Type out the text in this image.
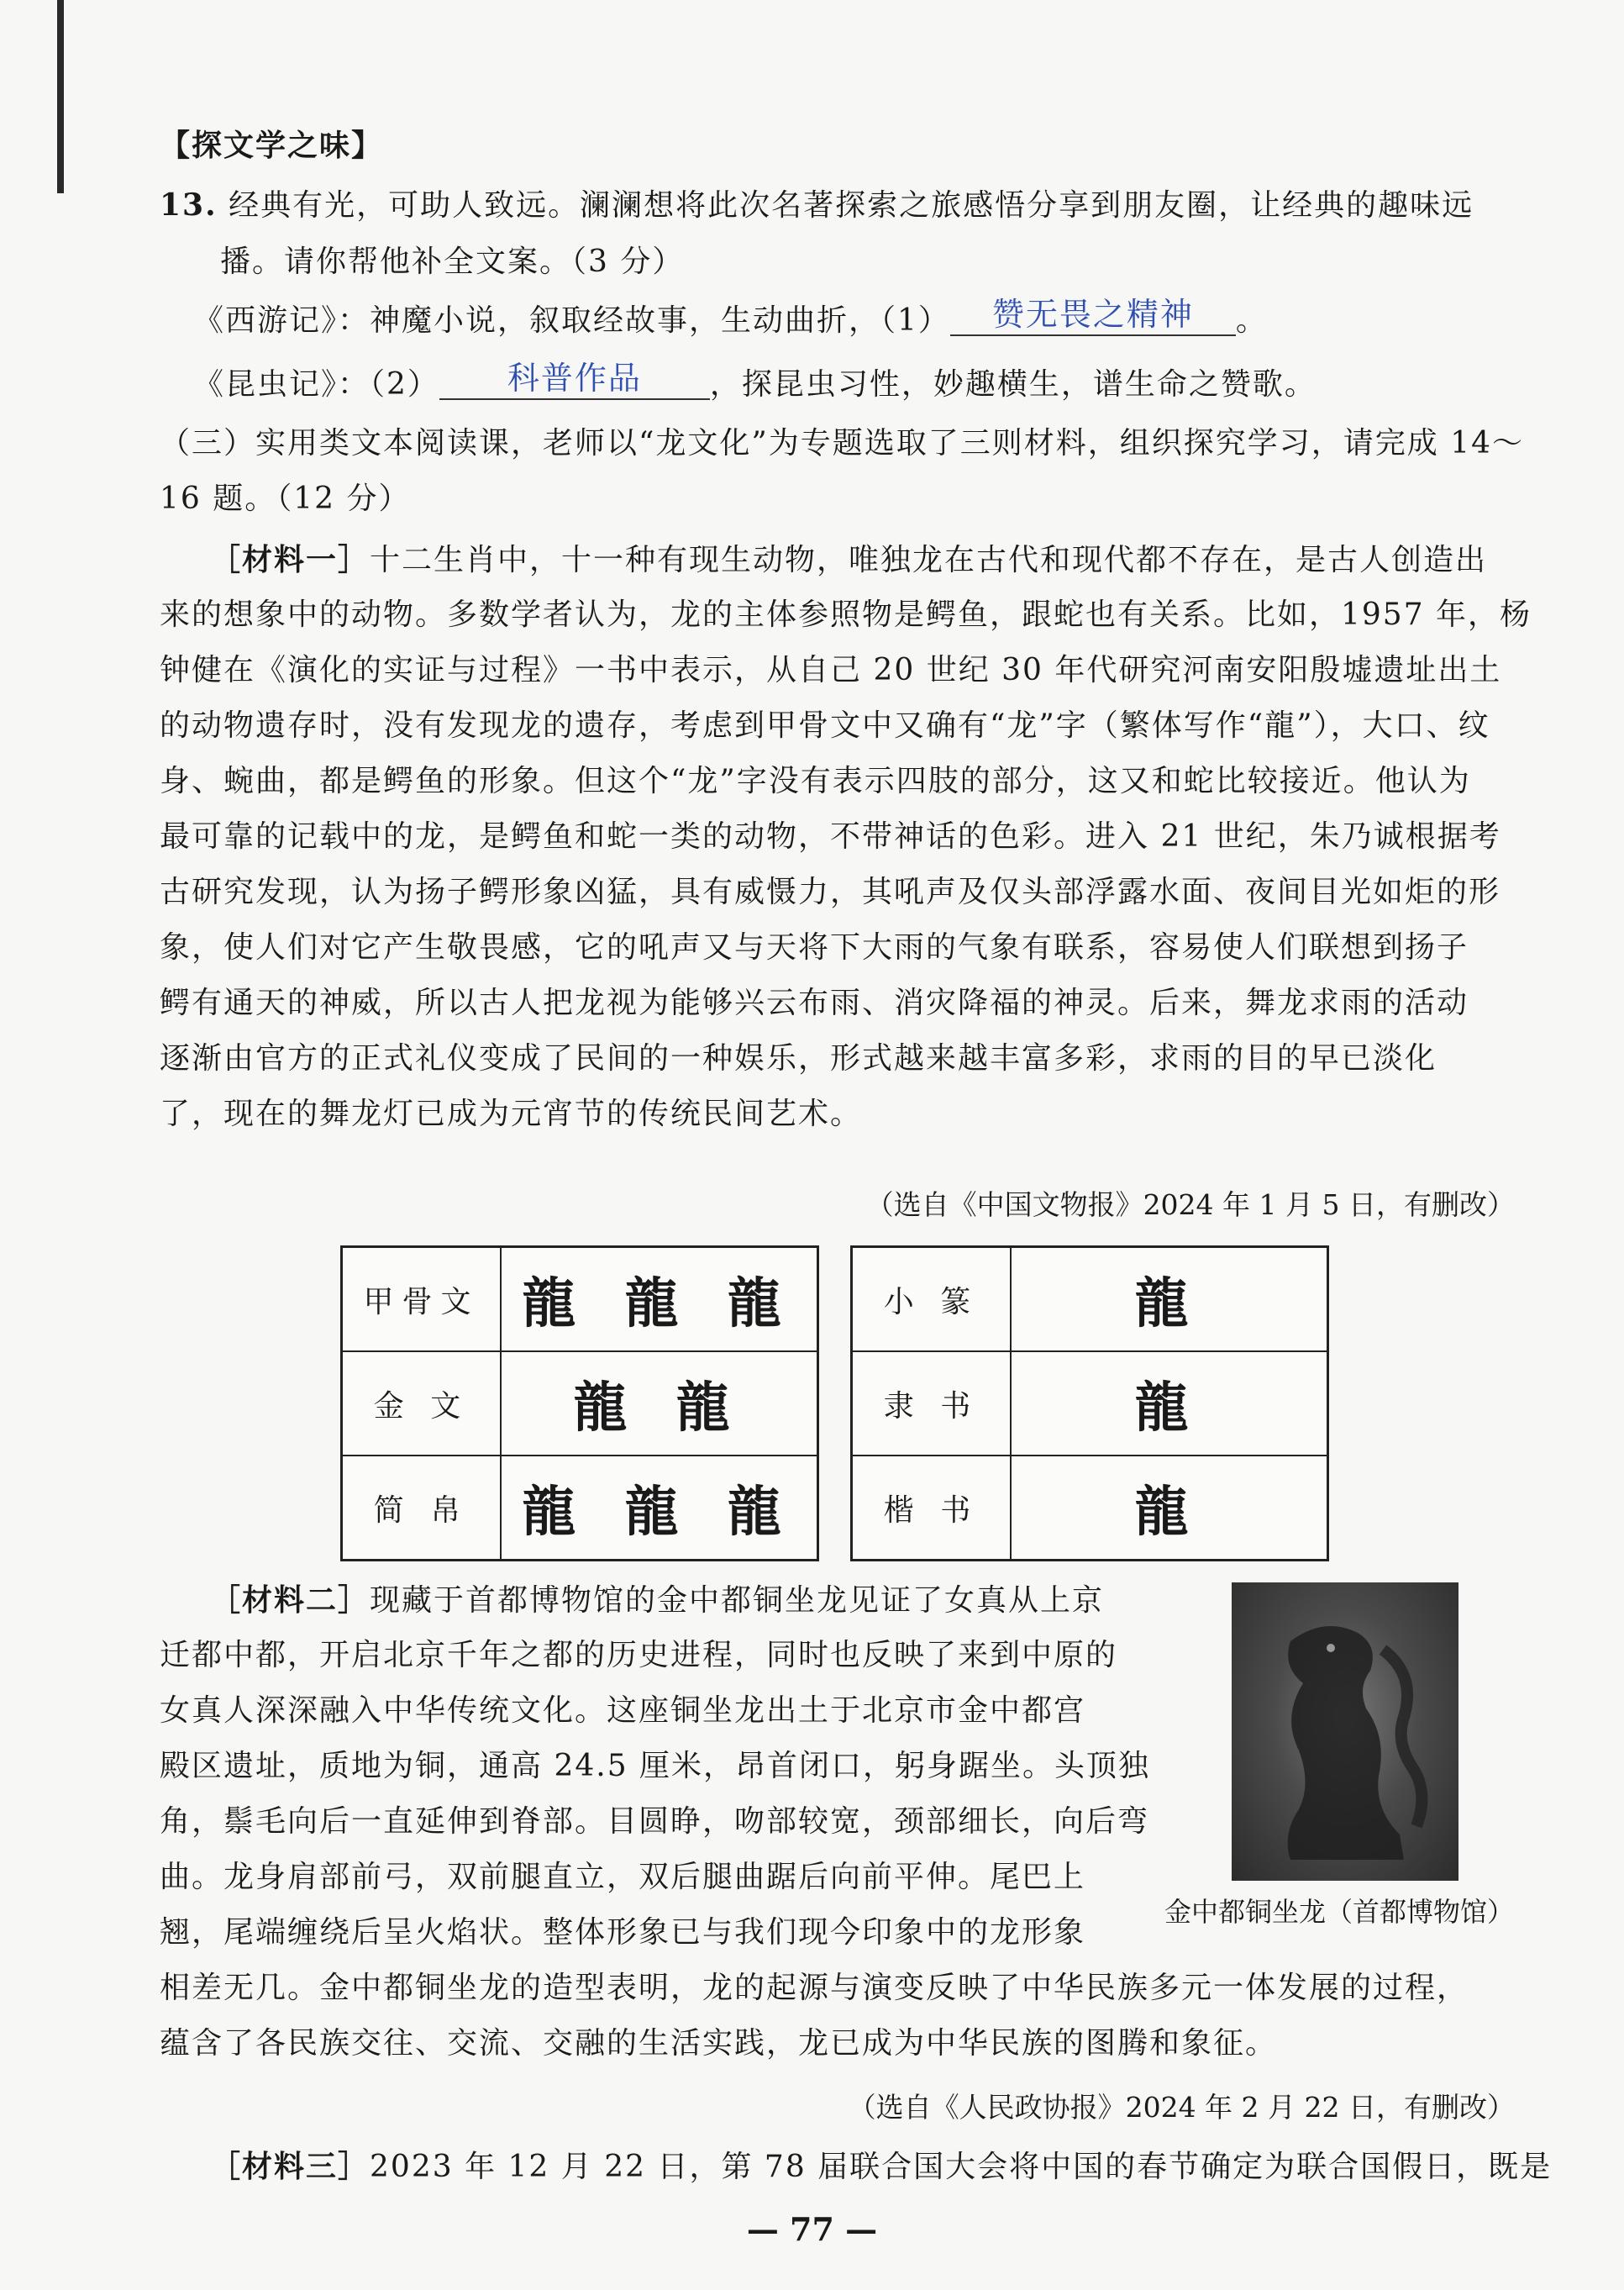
【探文学之味】
13. 经典有光，可助人致远。澜澜想将此次名著探索之旅感悟分享到朋友圈，让经典的趣味远
播。请你帮他补全文案。（3 分）
《西游记》：神魔小说，叙取经故事，生动曲折，（1） 赞无畏之精神 。
《昆虫记》：（2） 科普作品 ，探昆虫习性，妙趣横生，谱生命之赞歌。
（三）实用类文本阅读课，老师以“龙文化”为专题选取了三则材料，组织探究学习，请完成 14～
16 题。（12 分）
［材料一］十二生肖中，十一种有现生动物，唯独龙在古代和现代都不存在，是古人创造出
来的想象中的动物。多数学者认为，龙的主体参照物是鳄鱼，跟蛇也有关系。比如，1957 年，杨
钟健在《演化的实证与过程》一书中表示，从自己 20 世纪 30 年代研究河南安阳殷墟遗址出土
的动物遗存时，没有发现龙的遗存，考虑到甲骨文中又确有“龙”字（繁体写作“龍”），大口、纹
身、蜿曲，都是鳄鱼的形象。但这个“龙”字没有表示四肢的部分，这又和蛇比较接近。他认为
最可靠的记载中的龙，是鳄鱼和蛇一类的动物，不带神话的色彩。进入 21 世纪，朱乃诚根据考
古研究发现，认为扬子鳄形象凶猛，具有威慑力，其吼声及仅头部浮露水面、夜间目光如炬的形
象，使人们对它产生敬畏感，它的吼声又与天将下大雨的气象有联系，容易使人们联想到扬子
鳄有通天的神威，所以古人把龙视为能够兴云布雨、消灾降福的神灵。后来，舞龙求雨的活动
逐渐由官方的正式礼仪变成了民间的一种娱乐，形式越来越丰富多彩，求雨的目的早已淡化
了，现在的舞龙灯已成为元宵节的传统民间艺术。
（选自《中国文物报》2024 年 1 月 5 日，有删改）
甲骨文	龍 龍 龍
金 文	龍 龍
简 帛	龍 龍 龍
小 篆	龍
隶 书	龍
楷 书	龍
［材料二］现藏于首都博物馆的金中都铜坐龙见证了女真从上京
迁都中都，开启北京千年之都的历史进程，同时也反映了来到中原的
女真人深深融入中华传统文化。这座铜坐龙出土于北京市金中都宫
殿区遗址，质地为铜，通高 24.5 厘米，昂首闭口，躬身踞坐。头顶独
角，鬃毛向后一直延伸到脊部。目圆睁，吻部较宽，颈部细长，向后弯
曲。龙身肩部前弓，双前腿直立，双后腿曲踞后向前平伸。尾巴上
翘，尾端缠绕后呈火焰状。整体形象已与我们现今印象中的龙形象
相差无几。金中都铜坐龙的造型表明，龙的起源与演变反映了中华民族多元一体发展的过程，
蕴含了各民族交往、交流、交融的生活实践，龙已成为中华民族的图腾和象征。
金中都铜坐龙（首都博物馆）
（选自《人民政协报》2024 年 2 月 22 日，有删改）
［材料三］2023 年 12 月 22 日，第 78 届联合国大会将中国的春节确定为联合国假日，既是
— 77 —
